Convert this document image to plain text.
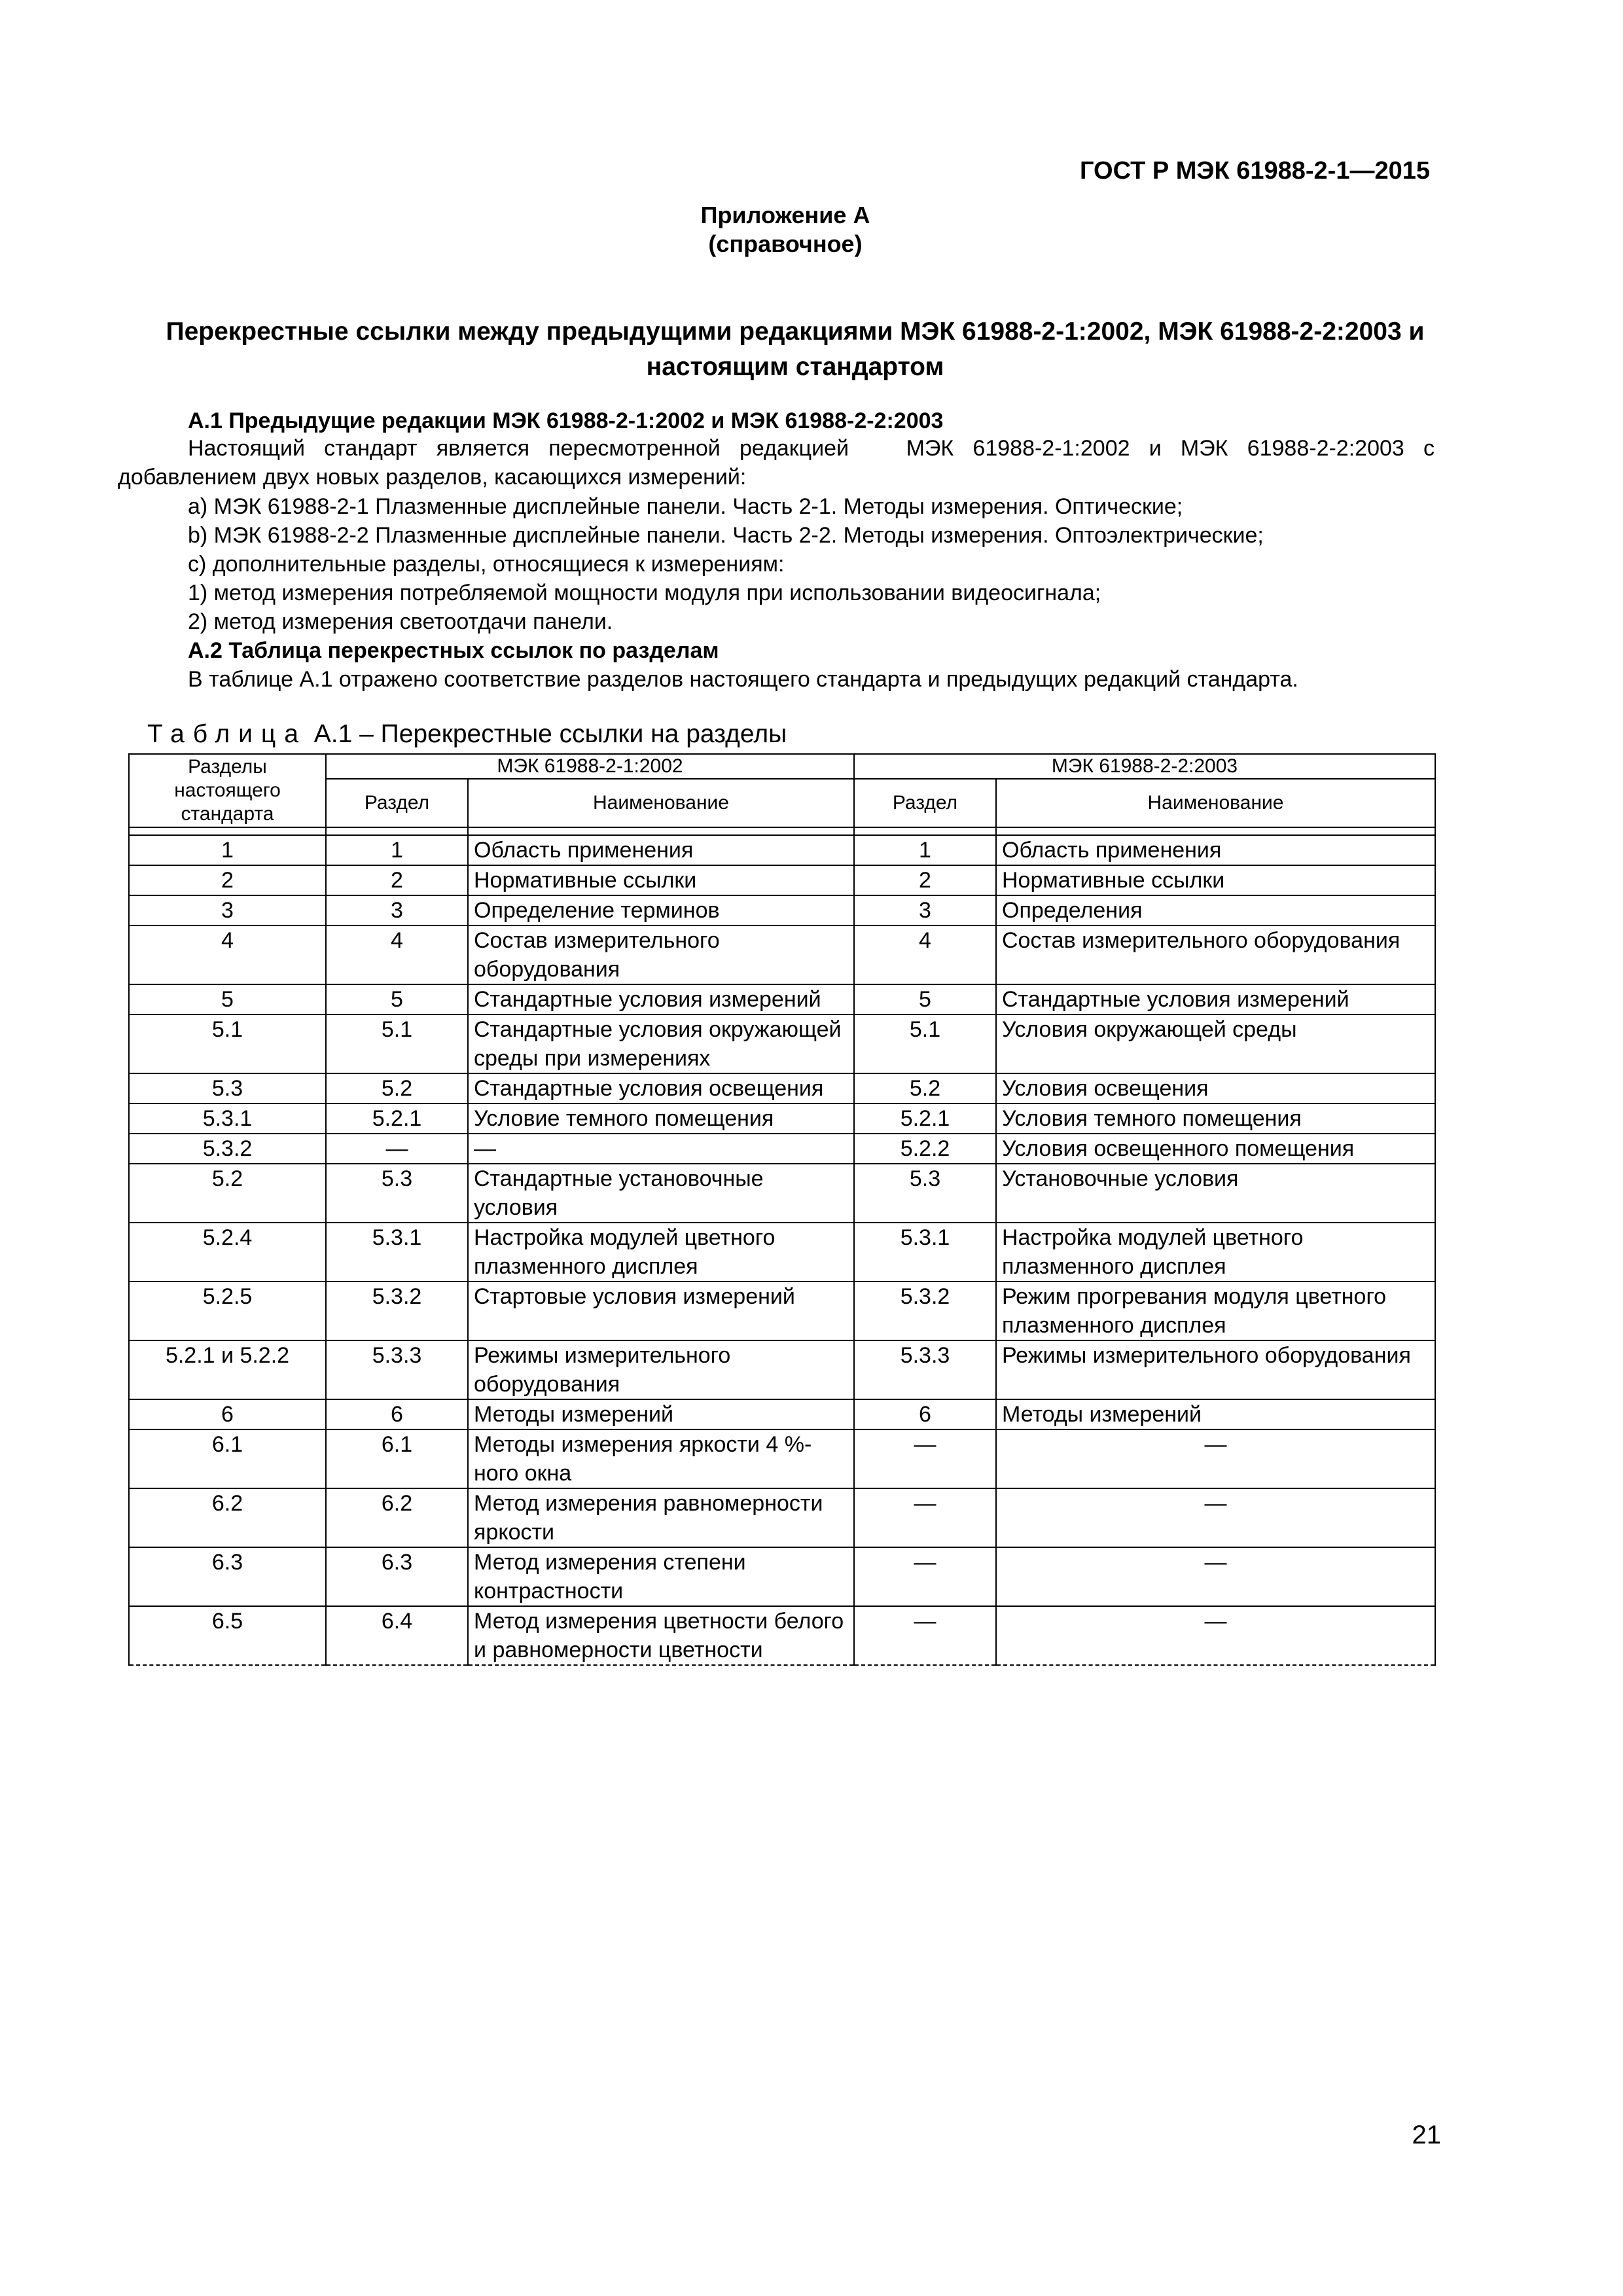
ГОСТ Р МЭК 61988-2-1—2015
Приложение А
(справочное)
Перекрестные ссылки между предыдущими редакциями МЭК 61988-2-1:2002, МЭК 61988-2-2:2003 и настоящим стандартом
А.1 Предыдущие редакции МЭК 61988-2-1:2002 и МЭК 61988-2-2:2003
Настоящий стандарт является пересмотренной редакцией   МЭК 61988-2-1:2002 и МЭК 61988-2-2:2003 с
добавлением двух новых разделов, касающихся измерений:
a) МЭК 61988-2-1 Плазменные дисплейные панели. Часть 2-1. Методы измерения. Оптические;
b) МЭК 61988-2-2 Плазменные дисплейные панели. Часть 2-2. Методы измерения. Оптоэлектрические;
c) дополнительные разделы, относящиеся к измерениям:
1) метод измерения потребляемой мощности модуля при использовании видеосигнала;
2) метод измерения светоотдачи панели.
А.2 Таблица перекрестных ссылок по разделам
В таблице А.1 отражено соответствие разделов настоящего стандарта и предыдущих редакций стандарта.
Таблица А.1 – Перекрестные ссылки на разделы
Разделы настоящего стандарта	МЭК 61988-2-1:2002		МЭК 61988-2-2:2003	
	Раздел	Наименование	Раздел	Наименование

1	1	Область применения	1	Область применения
2	2	Нормативные ссылки	2	Нормативные ссылки
3	3	Определение терминов	3	Определения
4	4	Состав измерительного оборудования	4	Состав измерительного оборудования
5	5	Стандартные условия измерений	5	Стандартные условия измерений
5.1	5.1	Стандартные условия окружающей среды при измерениях	5.1	Условия окружающей среды
5.3	5.2	Стандартные условия освещения	5.2	Условия освещения
5.3.1	5.2.1	Условие темного помещения	5.2.1	Условия темного помещения
5.3.2	—	—	5.2.2	Условия освещенного помещения
5.2	5.3	Стандартные установочные условия	5.3	Установочные условия
5.2.4	5.3.1	Настройка модулей цветного плазменного дисплея	5.3.1	Настройка модулей цветного плазменного дисплея
5.2.5	5.3.2	Стартовые условия измерений	5.3.2	Режим прогревания модуля цветного плазменного дисплея
5.2.1 и 5.2.2	5.3.3	Режимы измерительного оборудования	5.3.3	Режимы измерительного оборудования
6	6	Методы измерений	6	Методы измерений
6.1	6.1	Методы измерения яркости 4 %-ного окна	—	—
6.2	6.2	Метод измерения равномерности яркости	—	—
6.3	6.3	Метод измерения степени контрастности	—	—
6.5	6.4	Метод измерения цветности белого и равномерности цветности	—	—
21
